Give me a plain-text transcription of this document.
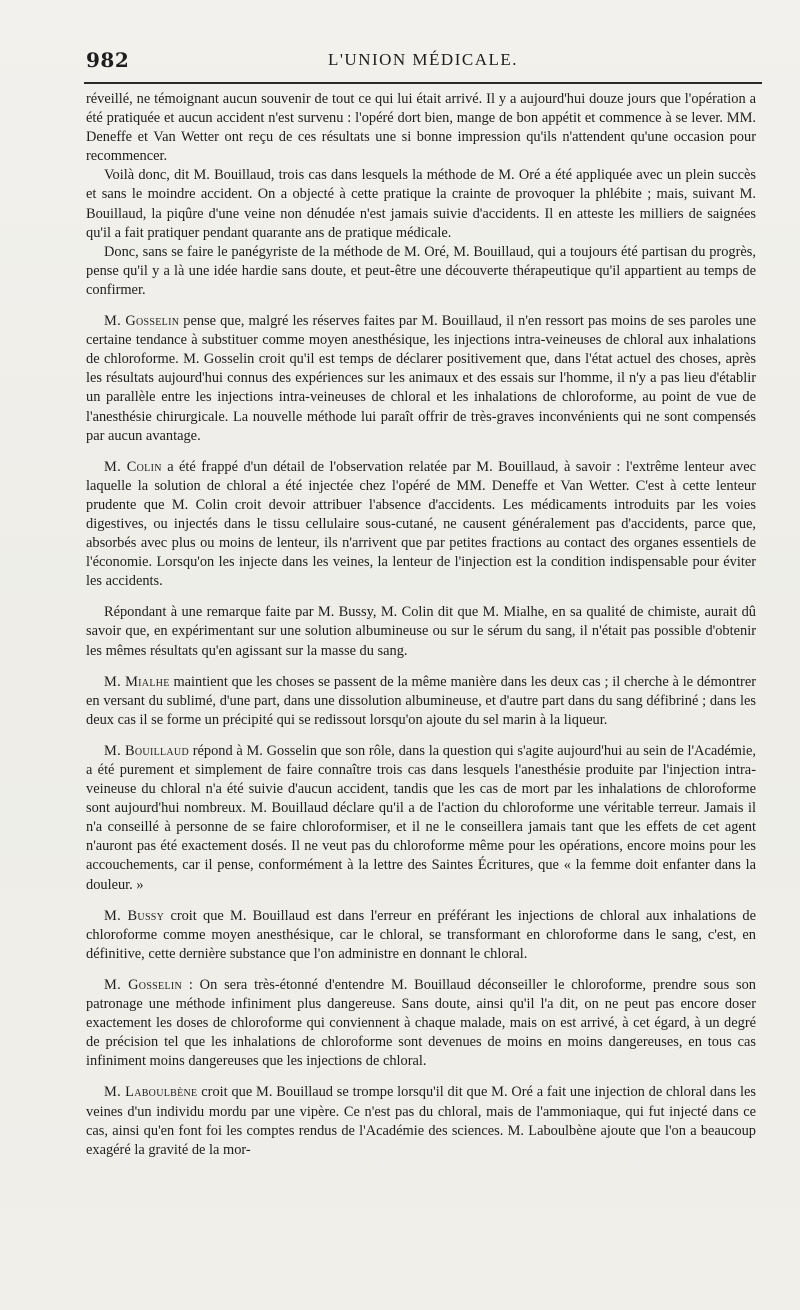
982	L'UNION MÉDICALE.

réveillé, ne témoignant aucun souvenir de tout ce qui lui était arrivé. Il y a aujourd'hui douze jours que l'opération a été pratiquée et aucun accident n'est survenu : l'opéré dort bien, mange de bon appétit et commence à se lever. MM. Deneffe et Van Wetter ont reçu de ces résultats une si bonne impression qu'ils n'attendent qu'une occasion pour recommencer.

Voilà donc, dit M. Bouillaud, trois cas dans lesquels la méthode de M. Oré a été appliquée avec un plein succès et sans le moindre accident. On a objecté à cette pratique la crainte de provoquer la phlébite ; mais, suivant M. Bouillaud, la piqûre d'une veine non dénudée n'est jamais suivie d'accidents. Il en atteste les milliers de saignées qu'il a fait pratiquer pendant quarante ans de pratique médicale.

Donc, sans se faire le panégyriste de la méthode de M. Oré, M. Bouillaud, qui a toujours été partisan du progrès, pense qu'il y a là une idée hardie sans doute, et peut-être une découverte thérapeutique qu'il appartient au temps de confirmer.

M. Gosselin pense que, malgré les réserves faites par M. Bouillaud, il n'en ressort pas moins de ses paroles une certaine tendance à substituer comme moyen anesthésique, les injections intra-veineuses de chloral aux inhalations de chloroforme. M. Gosselin croit qu'il est temps de déclarer positivement que, dans l'état actuel des choses, après les résultats aujourd'hui connus des expériences sur les animaux et des essais sur l'homme, il n'y a pas lieu d'établir un parallèle entre les injections intra-veineuses de chloral et les inhalations de chloroforme, au point de vue de l'anesthésie chirurgicale. La nouvelle méthode lui paraît offrir de très-graves inconvénients qui ne sont compensés par aucun avantage.

M. Colin a été frappé d'un détail de l'observation relatée par M. Bouillaud, à savoir : l'extrême lenteur avec laquelle la solution de chloral a été injectée chez l'opéré de MM. Deneffe et Van Wetter. C'est à cette lenteur prudente que M. Colin croit devoir attribuer l'absence d'accidents. Les médicaments introduits par les voies digestives, ou injectés dans le tissu cellulaire sous-cutané, ne causent généralement pas d'accidents, parce que, absorbés avec plus ou moins de lenteur, ils n'arrivent que par petites fractions au contact des organes essentiels de l'économie. Lorsqu'on les injecte dans les veines, la lenteur de l'injection est la condition indispensable pour éviter les accidents.

Répondant à une remarque faite par M. Bussy, M. Colin dit que M. Mialhe, en sa qualité de chimiste, aurait dû savoir que, en expérimentant sur une solution albumineuse ou sur le sérum du sang, il n'était pas possible d'obtenir les mêmes résultats qu'en agissant sur la masse du sang.

M. Mialhe maintient que les choses se passent de la même manière dans les deux cas ; il cherche à le démontrer en versant du sublimé, d'une part, dans une dissolution albumineuse, et d'autre part dans du sang défibriné ; dans les deux cas il se forme un précipité qui se redissout lorsqu'on ajoute du sel marin à la liqueur.

M. Bouillaud répond à M. Gosselin que son rôle, dans la question qui s'agite aujourd'hui au sein de l'Académie, a été purement et simplement de faire connaître trois cas dans lesquels l'anesthésie produite par l'injection intra-veineuse du chloral n'a été suivie d'aucun accident, tandis que les cas de mort par les inhalations de chloroforme sont aujourd'hui nombreux. M. Bouillaud déclare qu'il a de l'action du chloroforme une véritable terreur. Jamais il n'a conseillé à personne de se faire chloroformiser, et il ne le conseillera jamais tant que les effets de cet agent n'auront pas été exactement dosés. Il ne veut pas du chloroforme même pour les opérations, encore moins pour les accouchements, car il pense, conformément à la lettre des Saintes Écritures, que « la femme doit enfanter dans la douleur. »

M. Bussy croit que M. Bouillaud est dans l'erreur en préférant les injections de chloral aux inhalations de chloroforme comme moyen anesthésique, car le chloral, se transformant en chloroforme dans le sang, c'est, en définitive, cette dernière substance que l'on administre en donnant le chloral.

M. Gosselin : On sera très-étonné d'entendre M. Bouillaud déconseiller le chloroforme, prendre sous son patronage une méthode infiniment plus dangereuse. Sans doute, ainsi qu'il l'a dit, on ne peut pas encore doser exactement les doses de chloroforme qui conviennent à chaque malade, mais on est arrivé, à cet égard, à un degré de précision tel que les inhalations de chloroforme sont devenues de moins en moins dangereuses, en tous cas infiniment moins dangereuses que les injections de chloral.

M. Laboulbène croit que M. Bouillaud se trompe lorsqu'il dit que M. Oré a fait une injection de chloral dans les veines d'un individu mordu par une vipère. Ce n'est pas du chloral, mais de l'ammoniaque, qui fut injecté dans ce cas, ainsi qu'en font foi les comptes rendus de l'Académie des sciences. M. Laboulbène ajoute que l'on a beaucoup exagéré la gravité de la mor-
